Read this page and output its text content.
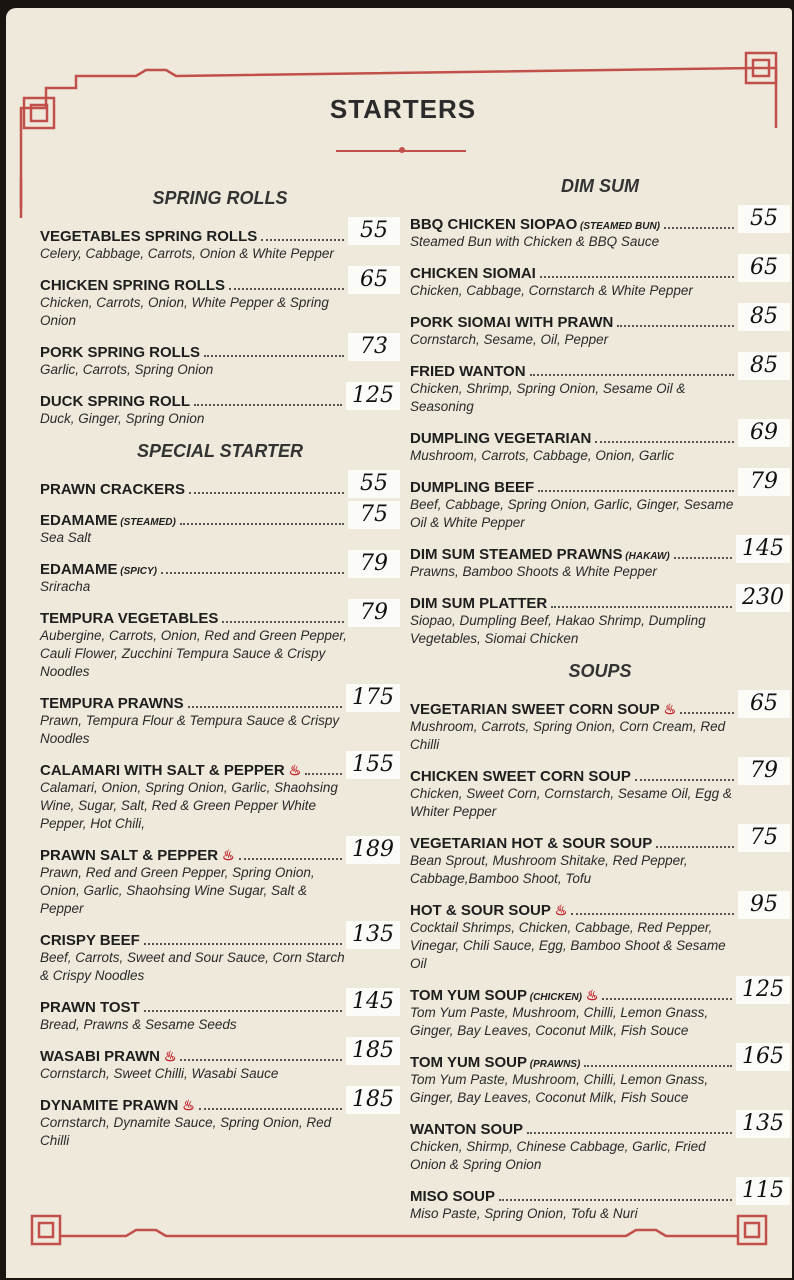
STARTERS
SPRING ROLLS
VEGETABLES SPRING ROLLS	55
Celery, Cabbage, Carrots, Onion & White Pepper
CHICKEN SPRING ROLLS	65
Chicken, Carrots, Onion, White Pepper & Spring Onion
PORK SPRING ROLLS	73
Garlic, Carrots, Spring Onion
DUCK SPRING ROLL	125
Duck, Ginger, Spring Onion
SPECIAL STARTER
PRAWN CRACKERS	55
EDAMAME (STEAMED)	75
Sea Salt
EDAMAME (SPICY)	79
Sriracha
TEMPURA VEGETABLES	79
Aubergine, Carrots, Onion, Red and Green Pepper, Cauli Flower, Zucchini Tempura Sauce & Crispy Noodles
TEMPURA PRAWNS	175
Prawn, Tempura Flour & Tempura Sauce & Crispy Noodles
CALAMARI WITH SALT & PEPPER ♨ 155
Calamari, Onion, Spring Onion, Garlic, Shaohsing Wine, Sugar, Salt, Red & Green Pepper White Pepper, Hot Chili,
PRAWN SALT & PEPPER ♨	189
Prawn, Red and Green Pepper, Spring Onion, Onion, Garlic, Shaohsing Wine Sugar, Salt & Pepper
CRISPY BEEF	135
Beef, Carrots, Sweet and Sour Sauce, Corn Starch & Crispy Noodles
PRAWN TOST	145
Bread, Prawns & Sesame Seeds
WASABI PRAWN ♨	185
Cornstarch, Sweet Chilli, Wasabi Sauce
DYNAMITE PRAWN ♨	185
Cornstarch, Dynamite Sauce, Spring Onion, Red Chilli
DIM SUM
BBQ CHICKEN SIOPAO (STEAMED BUN)	55
Steamed Bun with Chicken & BBQ Sauce
CHICKEN SIOMAI	65
Chicken, Cabbage, Cornstarch & White Pepper
PORK SIOMAI WITH PRAWN	85
Cornstarch, Sesame, Oil, Pepper
FRIED WANTON	85
Chicken, Shrimp, Spring Onion, Sesame Oil & Seasoning
DUMPLING VEGETARIAN	69
Mushroom, Carrots, Cabbage, Onion, Garlic
DUMPLING BEEF	79
Beef, Cabbage, Spring Onion, Garlic, Ginger, Sesame Oil & White Pepper
DIM SUM STEAMED PRAWNS (HAKAW)	145
Prawns, Bamboo Shoots & White Pepper
DIM SUM PLATTER	230
Siopao, Dumpling Beef, Hakao Shrimp, Dumpling Vegetables, Siomai Chicken
SOUPS
VEGETARIAN SWEET CORN SOUP ♨	65
Mushroom, Carrots, Spring Onion, Corn Cream, Red Chilli
CHICKEN SWEET CORN SOUP	79
Chicken, Sweet Corn, Cornstarch, Sesame Oil, Egg & Whiter Pepper
VEGETARIAN HOT & SOUR SOUP	75
Bean Sprout, Mushroom Shitake, Red Pepper, Cabbage,Bamboo Shoot, Tofu
HOT & SOUR SOUP ♨	95
Cocktail Shrimps, Chicken, Cabbage, Red Pepper, Vinegar, Chili Sauce, Egg, Bamboo Shoot & Sesame Oil
TOM YUM SOUP (CHICKEN) ♨	125
Tom Yum Paste, Mushroom, Chilli, Lemon Gnass, Ginger, Bay Leaves, Coconut Milk, Fish Souce
TOM YUM SOUP (PRAWNS)	165
Tom Yum Paste, Mushroom, Chilli, Lemon Gnass, Ginger, Bay Leaves, Coconut Milk, Fish Souce
WANTON SOUP	135
Chicken, Shirmp, Chinese Cabbage, Garlic, Fried Onion & Spring Onion
MISO SOUP	115
Miso Paste, Spring Onion, Tofu & Nuri
